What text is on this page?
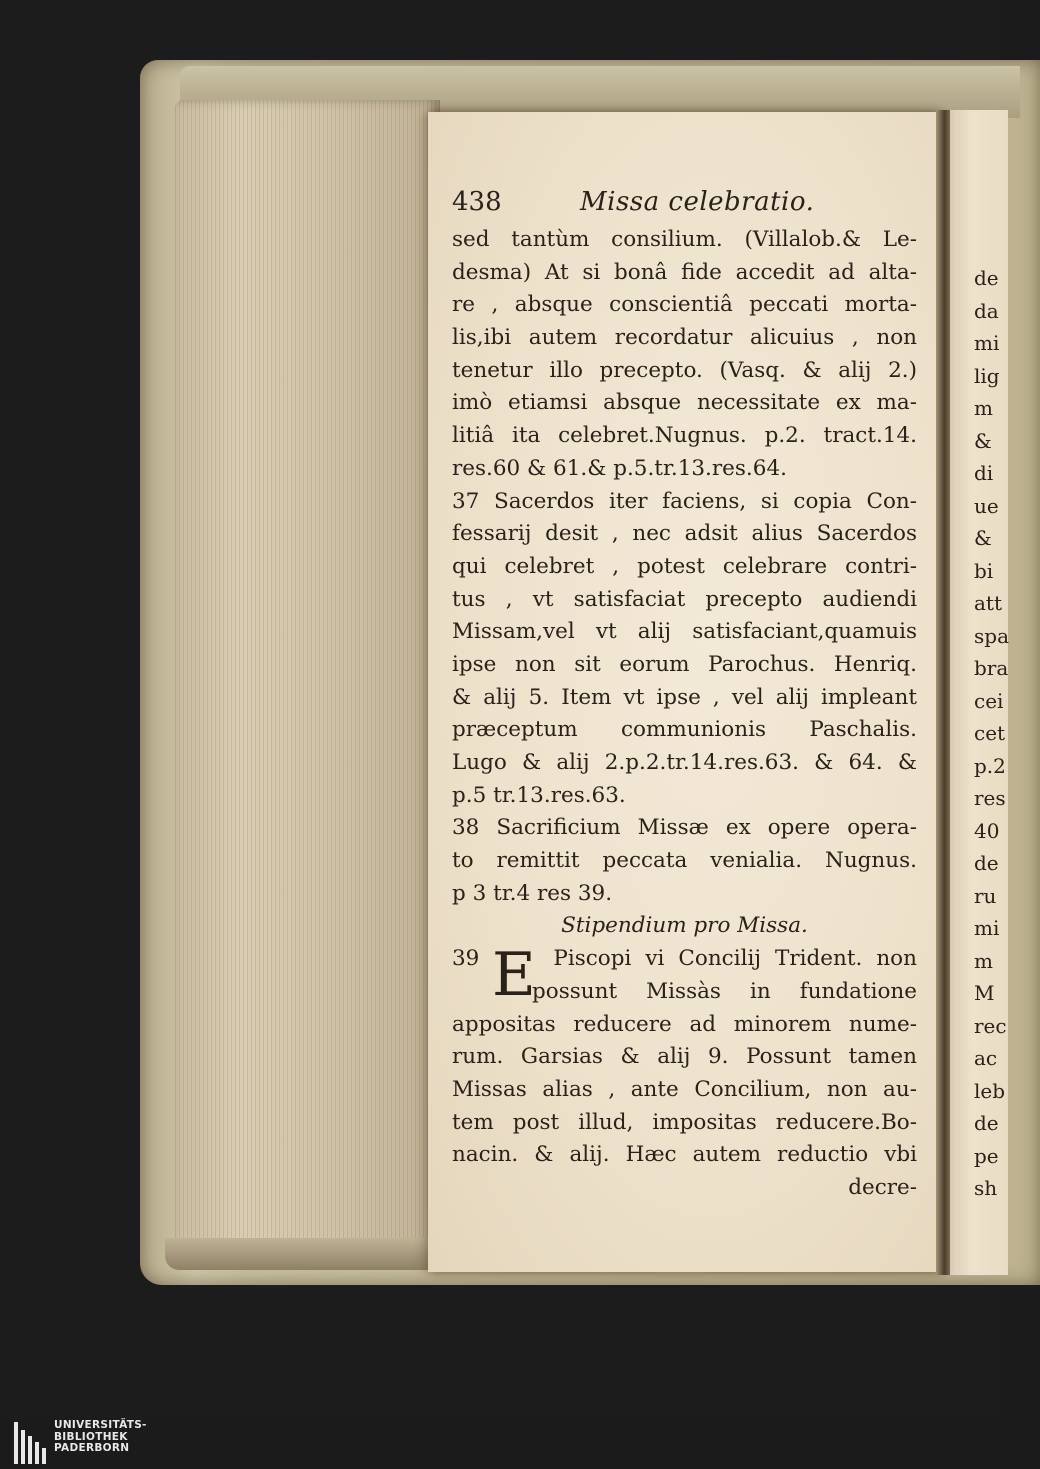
438	Missa celebratio.
sed tantùm consilium. (Villalob.& Le-
desma) At si bonâ fide accedit ad alta-
re , absque conscientiâ peccati morta-
lis,ibi autem recordatur alicuius , non
tenetur illo precepto. (Vasq. & alij 2.)
imò etiamsi absque necessitate ex ma-
litiâ ita celebret.Nugnus. p.2. tract.14.
res.60 & 61.& p.5.tr.13.res.64.
37 Sacerdos iter faciens, si copia Con-
fessarij desit , nec adsit alius Sacerdos
qui celebret , potest celebrare contri-
tus , vt satisfaciat precepto audiendi
Missam,vel vt alij satisfaciant,quamuis
ipse non sit eorum Parochus. Henriq.
& alij 5. Item vt ipse , vel alij impleant
præceptum communionis Paschalis.
Lugo & alij 2.p.2.tr.14.res.63. & 64. &
p.5 tr.13.res.63.
38 Sacrificium Missæ ex opere opera-
to remittit peccata venialia. Nugnus.
p 3 tr.4 res 39.
Stipendium pro Missa.
E
39	Piscopi vi Concilij Trident. non
possunt Missàs in fundatione
appositas reducere ad minorem nume-
rum. Garsias & alij 9. Possunt tamen
Missas alias , ante Concilium, non au-
tem post illud, impositas reducere.Bo-
nacin. & alij. Hæc autem reductio vbi
decre-
de
da
mi
lig
m
&
di
ue
&
bi
att
spa
bra
cei
cet
p.2
res
40
de
ru
mi
m
M
rec
ac
leb
de
pe
sh
UNIVERSITÄTS-
BIBLIOTHEK
PADERBORN
